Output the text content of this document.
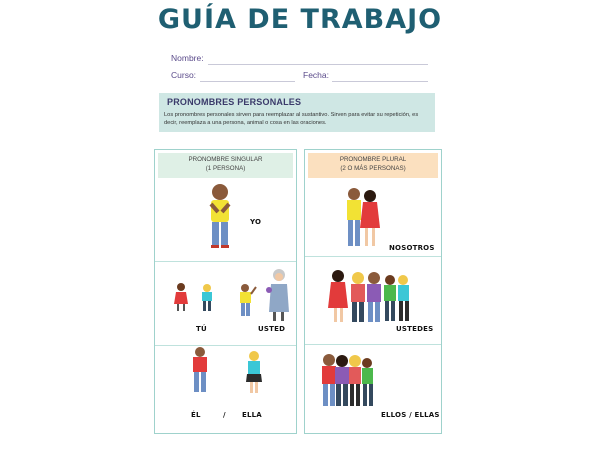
GUÍA DE TRABAJO
Nombre:
Curso:	Fecha:
PRONOMBRES PERSONALES
Los pronombres personales sirven para reemplazar al sustantivo. Sirven para evitar su repetición, es decir, reemplaza a una persona, animal o cosa en las oraciones.
PRONOMBRE SINGULAR
(1 PERSONA)
PRONOMBRE PLURAL
(2 O MÁS PERSONAS)
YO
TÚ	USTED
ÉL	/ ELLA
NOSOTROS
USTEDES
ELLOS / ELLAS
